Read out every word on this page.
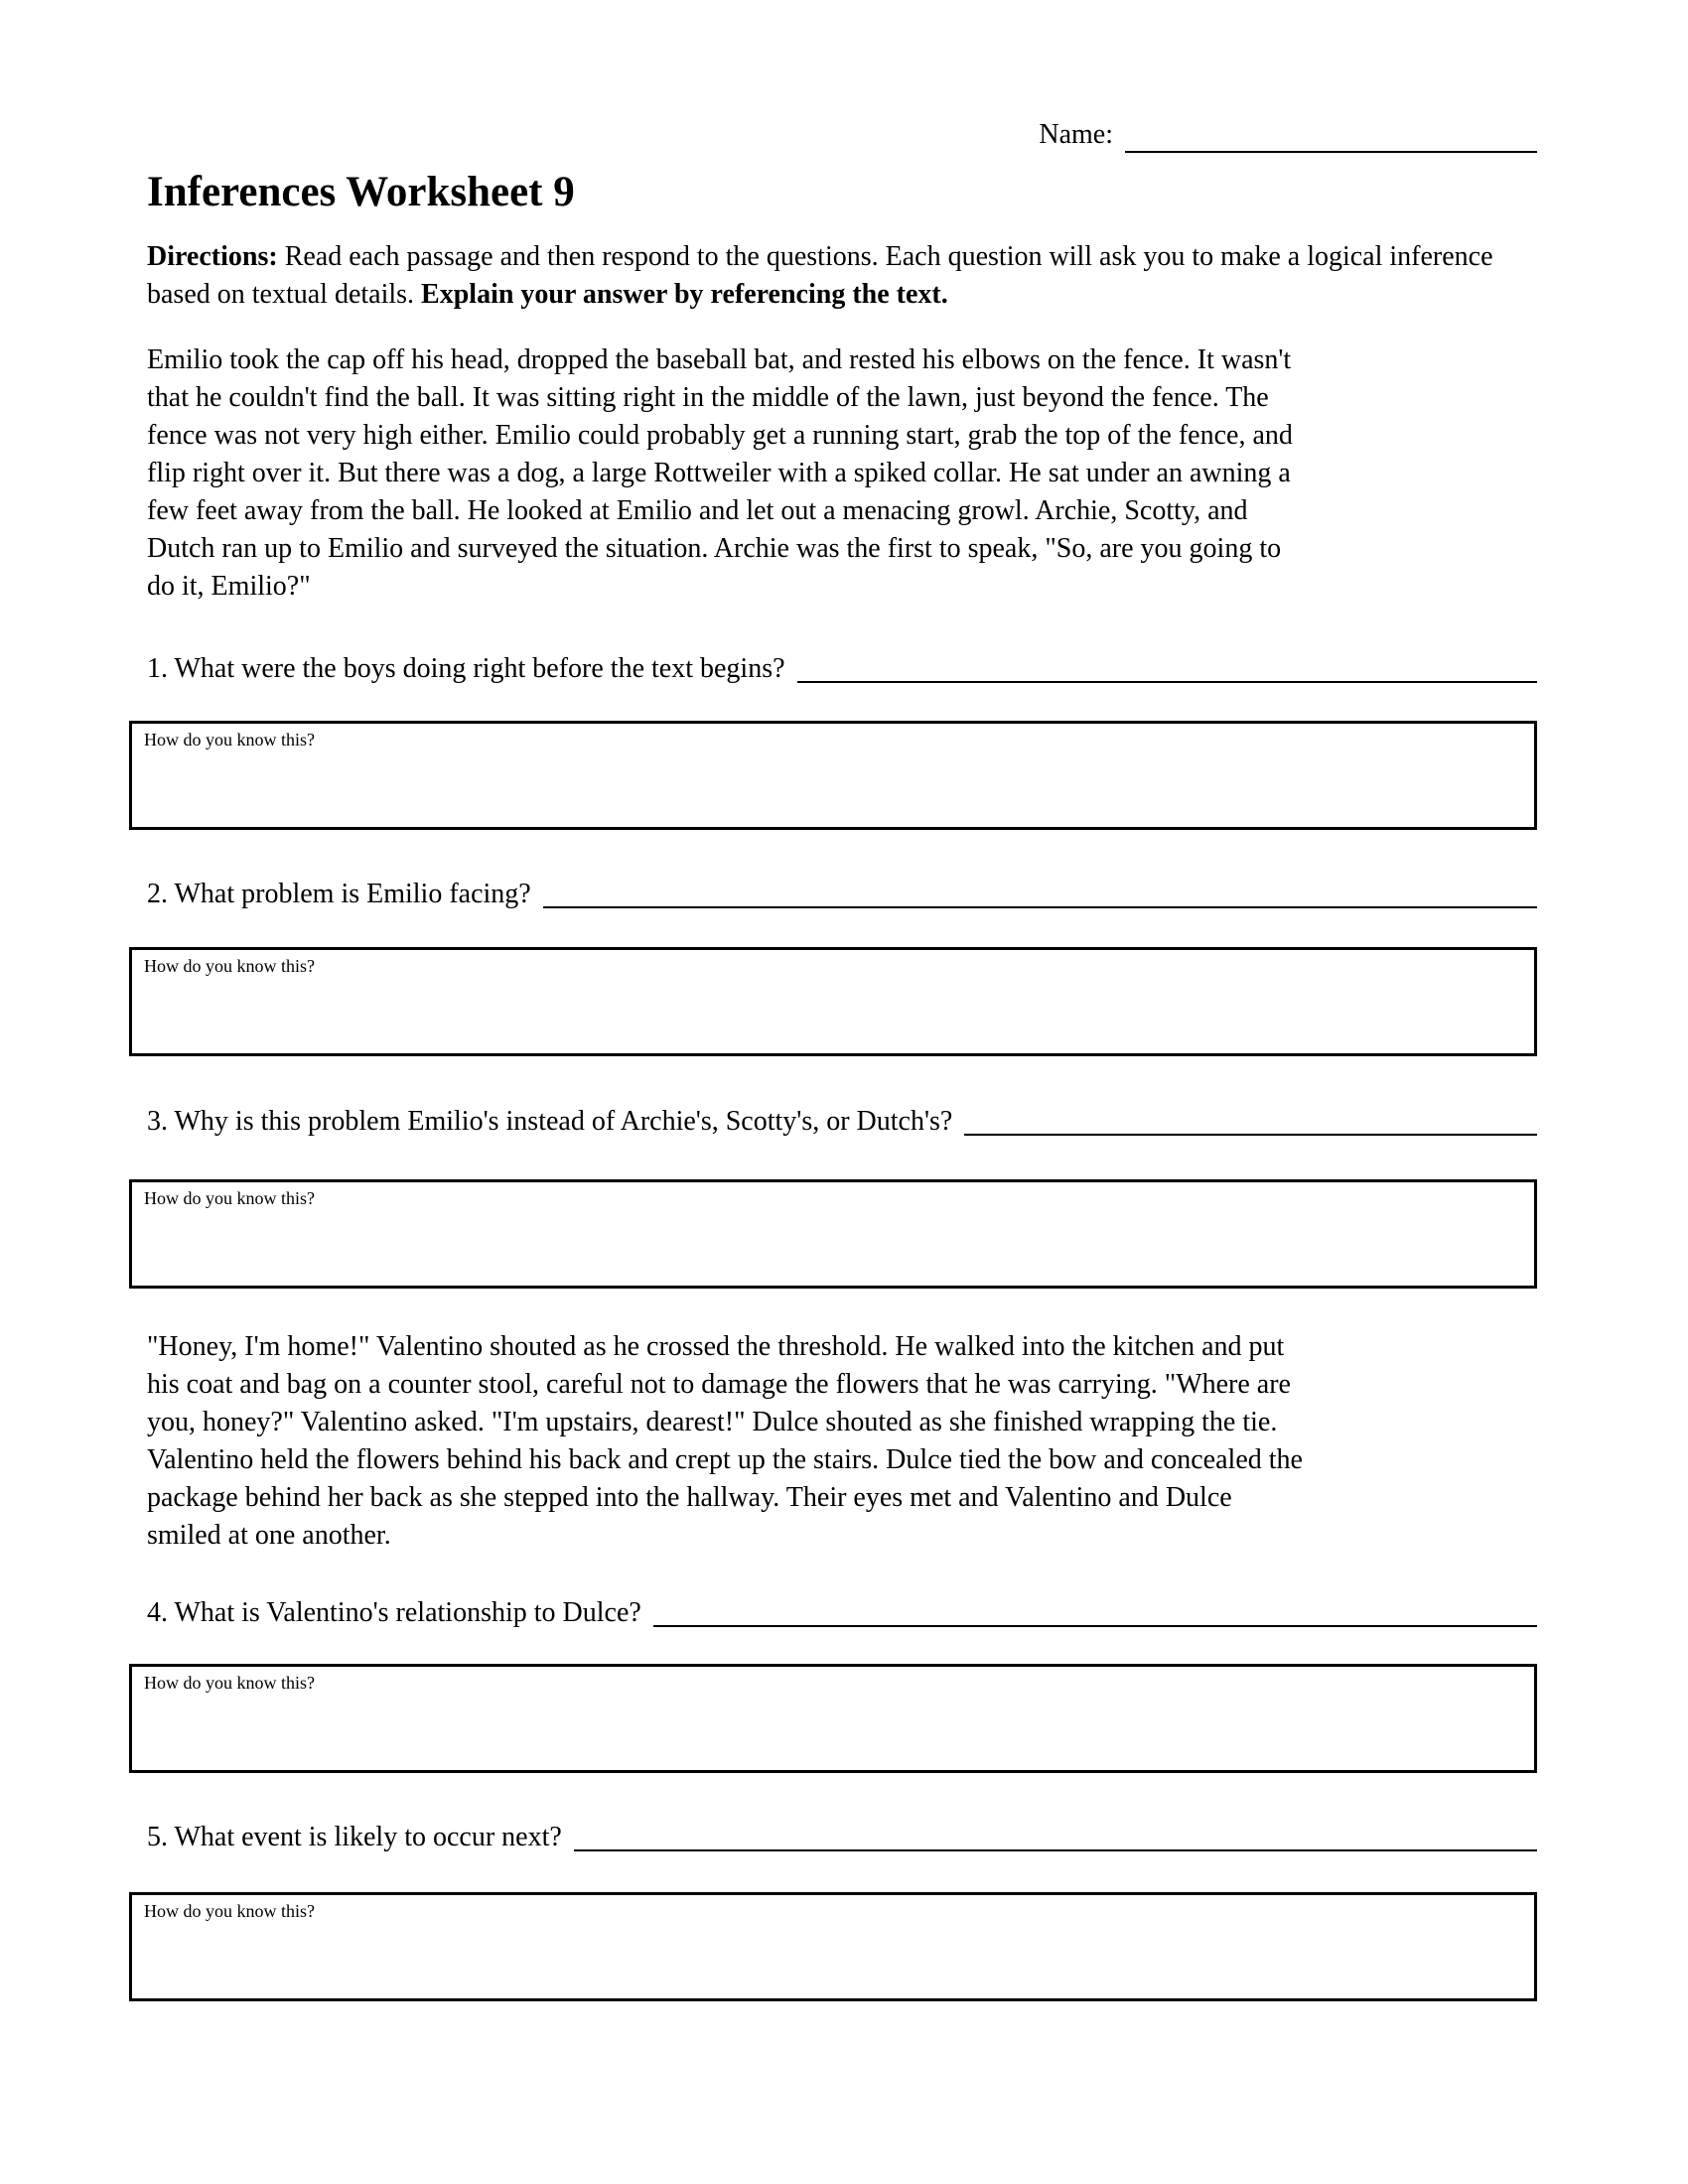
Name:
Inferences Worksheet 9
Directions: Read each passage and then respond to the questions. Each question will ask you to make a logical inference based on textual details. Explain your answer by referencing the text.
Emilio took the cap off his head, dropped the baseball bat, and rested his elbows on the fence. It wasn't
that he couldn't find the ball. It was sitting right in the middle of the lawn, just beyond the fence. The
fence was not very high either. Emilio could probably get a running start, grab the top of the fence, and
flip right over it. But there was a dog, a large Rottweiler with a spiked collar. He sat under an awning a
few feet away from the ball. He looked at Emilio and let out a menacing growl. Archie, Scotty, and
Dutch ran up to Emilio and surveyed the situation. Archie was the first to speak, "So, are you going to
do it, Emilio?"
1. What were the boys doing right before the text begins?
How do you know this?
2. What problem is Emilio facing?
How do you know this?
3. Why is this problem Emilio's instead of Archie's, Scotty's, or Dutch's?
How do you know this?
"Honey, I'm home!" Valentino shouted as he crossed the threshold. He walked into the kitchen and put
his coat and bag on a counter stool, careful not to damage the flowers that he was carrying. "Where are
you, honey?" Valentino asked. "I'm upstairs, dearest!" Dulce shouted as she finished wrapping the tie.
Valentino held the flowers behind his back and crept up the stairs. Dulce tied the bow and concealed the
package behind her back as she stepped into the hallway. Their eyes met and Valentino and Dulce
smiled at one another.
4. What is Valentino's relationship to Dulce?
How do you know this?
5. What event is likely to occur next?
How do you know this?
